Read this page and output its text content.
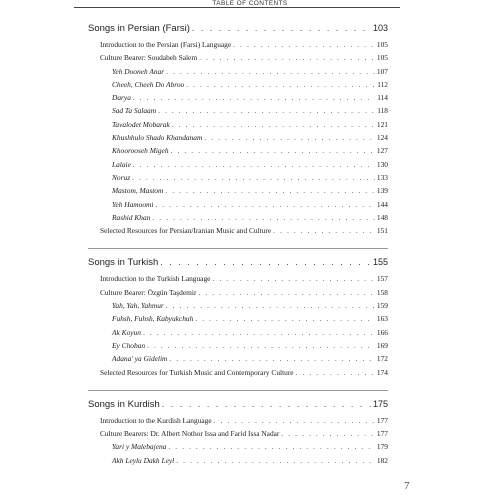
TABLE OF CONTENTS
Songs in Persian (Farsi) . . .	103
Introduction to the Persian (Farsi) Language . . .	105
Culture Bearer: Soudabeh Salem . . .	105
Yeh Dooneh Anar . . .	107
Cheeh, Cheeh Do Abroo . . .	112
Darya . . .	114
Sad Ta Salaam . . .	118
Tavalodet Mobarak . . .	121
Khushhulo Shado Khandanam . . .	124
Khoorooseh Migeh . . .	127
Lalaie . . .	130
Noruz . . .	133
Mastom, Mastom . . .	139
Yeh Hamoomi . . .	144
Rashid Khan . . .	148
Selected Resources for Persian/Iranian Music and Culture . . .	151
Songs in Turkish . . .	155
Introduction to the Turkish Language . . .	157
Culture Bearer: Özgün Taşdemir . . .	158
Yah, Yah, Yahmur . . .	159
Fuhsh, Fuhsh, Kabyukchuh . . .	163
Ak Koyun . . .	166
Ey Choban . . .	169
Adana' ya Gidelim . . .	172
Selected Resources for Turkish Music and Contemporary Culture . . .	174
Songs in Kurdish . . .	175
Introduction to the Kurdish Language . . .	177
Culture Bearers: Dr. Albert Nothor Issa and Farid Issa Nadar . . .	177
Yari y Malebajena . . .	179
Akh Leylu Dakh Leyl . . .	182
7
